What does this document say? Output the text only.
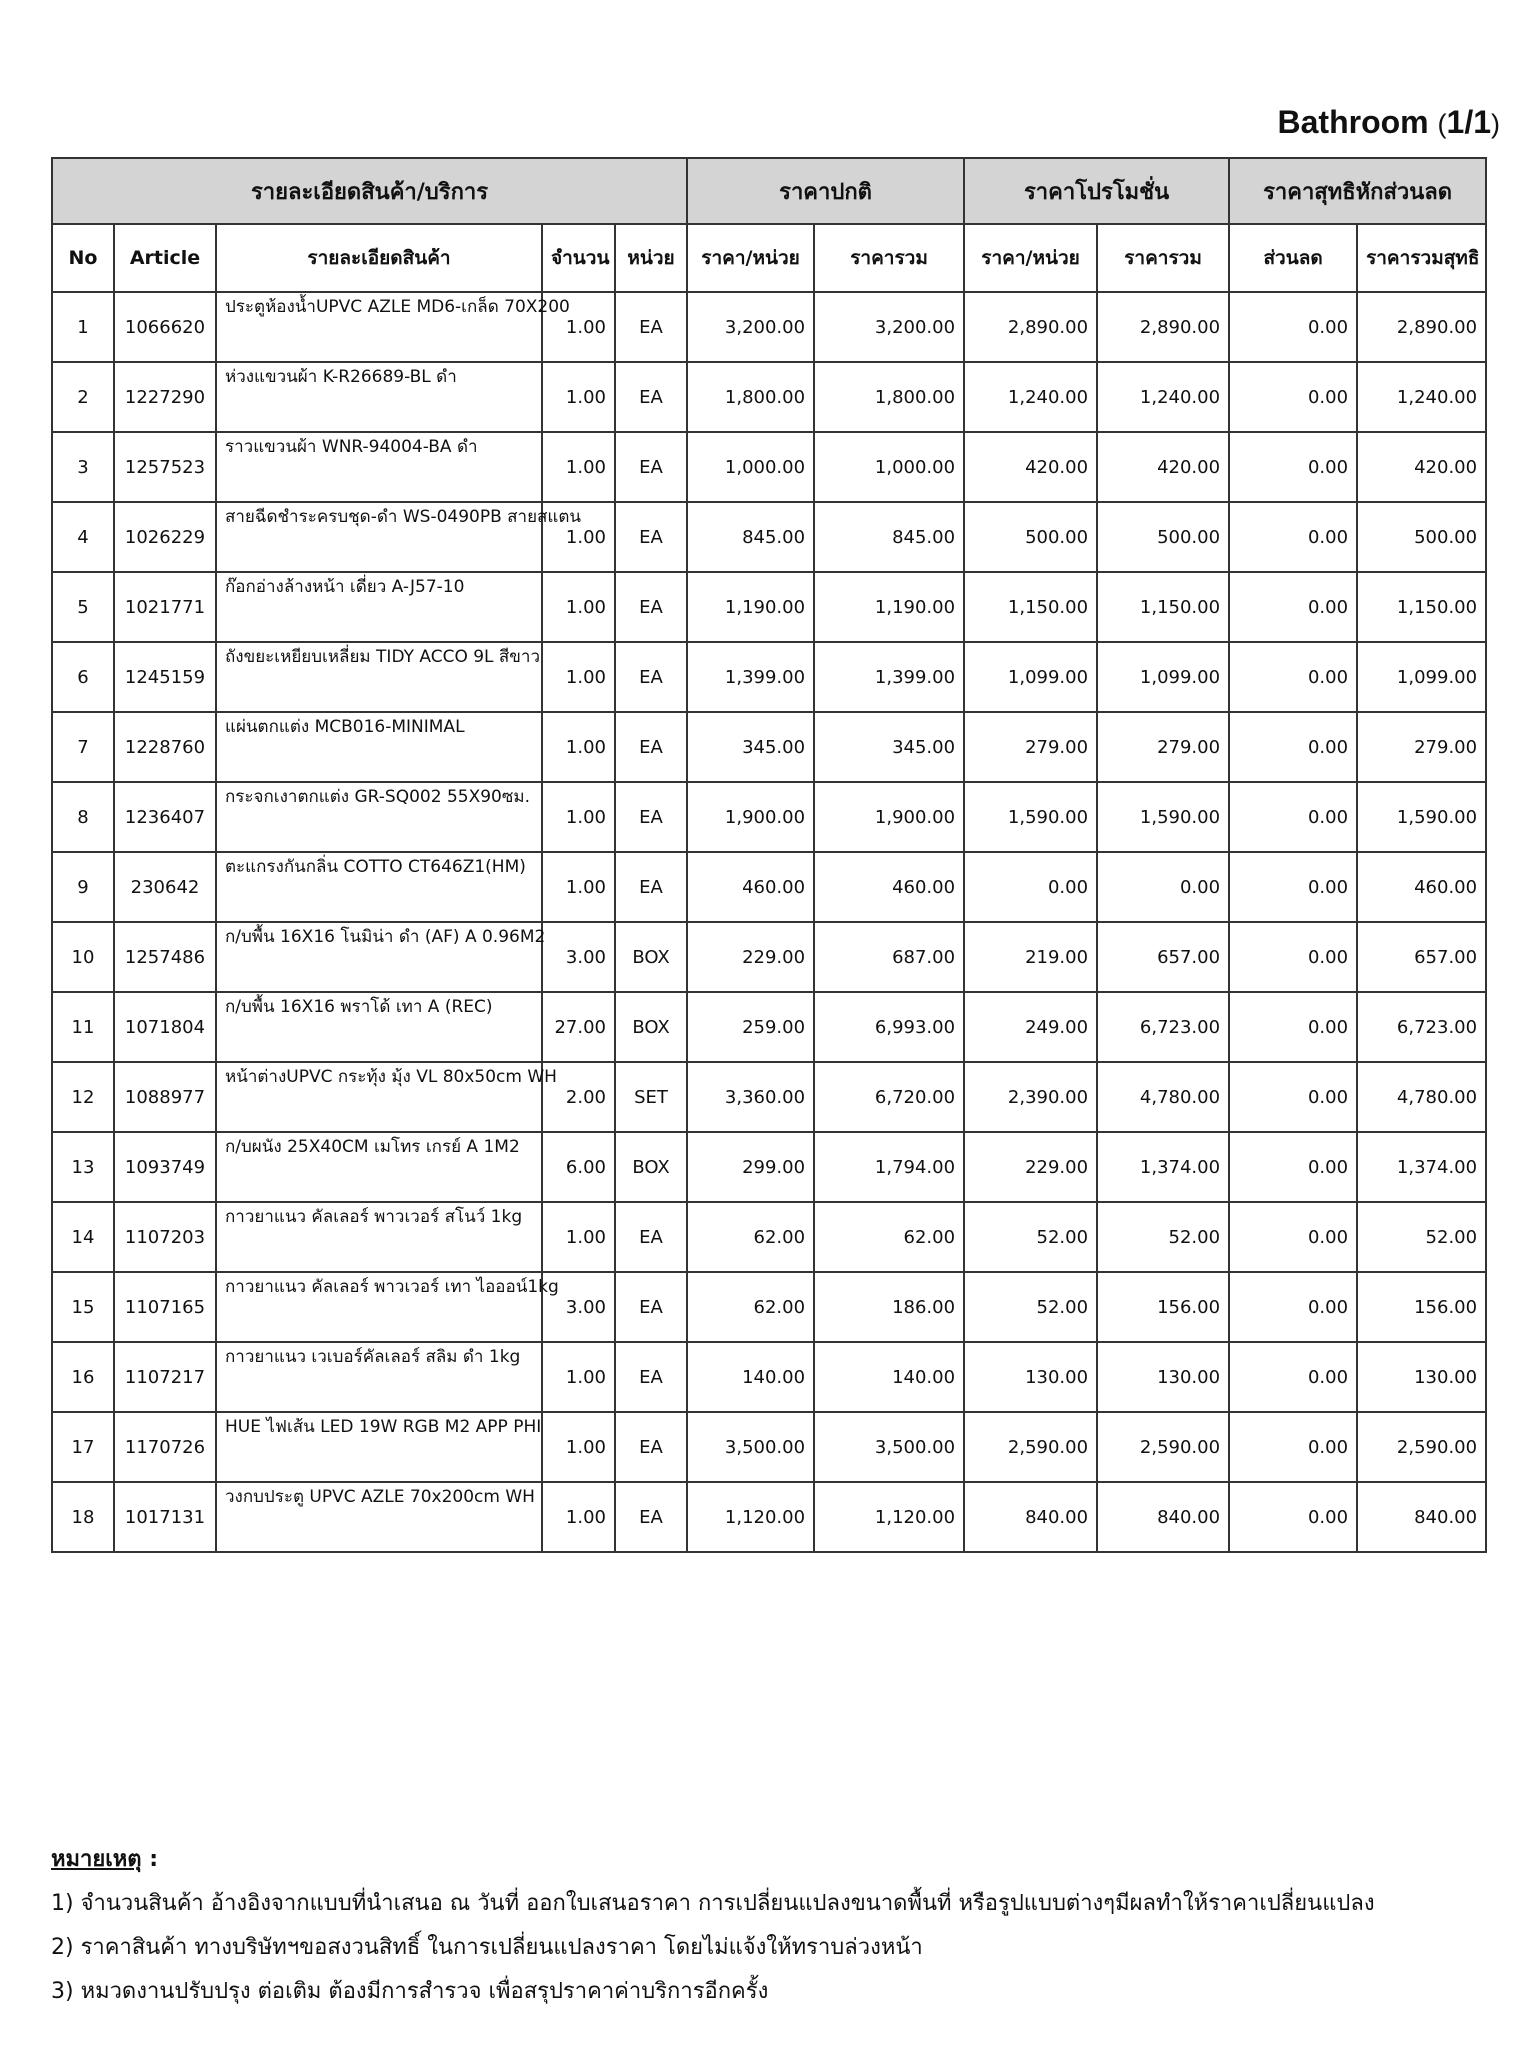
Bathroom (1/1)
รายละเอียดสินค้า/บริการ					ราคาปกติ		ราคาโปรโมชั่น		ราคาสุทธิหักส่วนลด	
No	Article	รายละเอียดสินค้า	จำนวน	หน่วย	ราคา/หน่วย	ราคารวม	ราคา/หน่วย	ราคารวม	ส่วนลด	ราคารวมสุทธิ
1	1066620	ประตูห้องน้ำUPVC AZLE MD6-เกล็ด 70X200	1.00	EA	3,200.00	3,200.00	2,890.00	2,890.00	0.00	2,890.00
2	1227290	ห่วงแขวนผ้า K-R26689-BL ดำ	1.00	EA	1,800.00	1,800.00	1,240.00	1,240.00	0.00	1,240.00
3	1257523	ราวแขวนผ้า WNR-94004-BA ดำ	1.00	EA	1,000.00	1,000.00	420.00	420.00	0.00	420.00
4	1026229	สายฉีดชำระครบชุด-ดำ WS-0490PB สายสแตน	1.00	EA	845.00	845.00	500.00	500.00	0.00	500.00
5	1021771	ก๊อกอ่างล้างหน้า เดี่ยว A-J57-10	1.00	EA	1,190.00	1,190.00	1,150.00	1,150.00	0.00	1,150.00
6	1245159	ถังขยะเหยียบเหลี่ยม TIDY ACCO 9L สีขาว	1.00	EA	1,399.00	1,399.00	1,099.00	1,099.00	0.00	1,099.00
7	1228760	แผ่นตกแต่ง MCB016-MINIMAL	1.00	EA	345.00	345.00	279.00	279.00	0.00	279.00
8	1236407	กระจกเงาตกแต่ง GR-SQ002 55X90ซม.	1.00	EA	1,900.00	1,900.00	1,590.00	1,590.00	0.00	1,590.00
9	230642	ตะแกรงกันกลิ่น COTTO CT646Z1(HM)	1.00	EA	460.00	460.00	0.00	0.00	0.00	460.00
10	1257486	ก/บพื้น 16X16 โนมิน่า ดำ (AF) A 0.96M2	3.00	BOX	229.00	687.00	219.00	657.00	0.00	657.00
11	1071804	ก/บพื้น 16X16 พราโด้ เทา A (REC)	27.00	BOX	259.00	6,993.00	249.00	6,723.00	0.00	6,723.00
12	1088977	หน้าต่างUPVC กระทุ้ง มุ้ง VL 80x50cm WH	2.00	SET	3,360.00	6,720.00	2,390.00	4,780.00	0.00	4,780.00
13	1093749	ก/บผนัง 25X40CM เมโทร เกรย์ A 1M2	6.00	BOX	299.00	1,794.00	229.00	1,374.00	0.00	1,374.00
14	1107203	กาวยาแนว คัลเลอร์ พาวเวอร์ สโนว์ 1kg	1.00	EA	62.00	62.00	52.00	52.00	0.00	52.00
15	1107165	กาวยาแนว คัลเลอร์ พาวเวอร์ เทา ไอออน์1kg	3.00	EA	62.00	186.00	52.00	156.00	0.00	156.00
16	1107217	กาวยาแนว เวเบอร์คัลเลอร์ สลิม ดำ 1kg	1.00	EA	140.00	140.00	130.00	130.00	0.00	130.00
17	1170726	HUE ไฟเส้น LED 19W RGB M2 APP PHI	1.00	EA	3,500.00	3,500.00	2,590.00	2,590.00	0.00	2,590.00
18	1017131	วงกบประตู UPVC AZLE 70x200cm WH	1.00	EA	1,120.00	1,120.00	840.00	840.00	0.00	840.00
หมายเหตุ :
1) จำนวนสินค้า อ้างอิงจากแบบที่นำเสนอ ณ วันที่ ออกใบเสนอราคา การเปลี่ยนแปลงขนาดพื้นที่ หรือรูปแบบต่างๆมีผลทำให้ราคาเปลี่ยนแปลง
2) ราคาสินค้า ทางบริษัทฯขอสงวนสิทธิ์ ในการเปลี่ยนแปลงราคา โดยไม่แจ้งให้ทราบล่วงหน้า
3) หมวดงานปรับปรุง ต่อเติม ต้องมีการสำรวจ เพื่อสรุปราคาค่าบริการอีกครั้ง
